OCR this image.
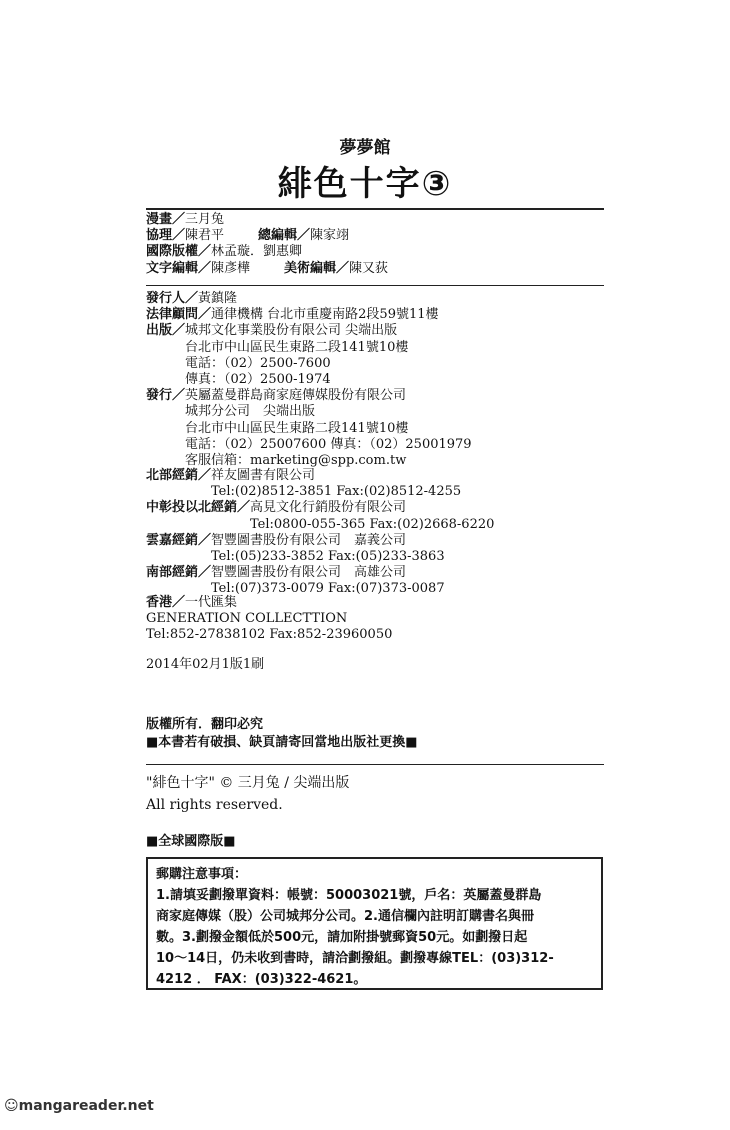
夢夢館
緋色十字③
漫畫／三月兔
協理／陳君平	總編輯／陳家翊
國際版權／林孟璇．劉惠卿
文字編輯／陳彥樺	美術編輯／陳又荻
發行人／黃鎮隆
法律顧問／通律機構 台北市重慶南路2段59號11樓
出版／城邦文化事業股份有限公司 尖端出版
台北市中山區民生東路二段141號10樓
電話：（02）2500-7600
傳真：（02）2500-1974
發行／英屬蓋曼群島商家庭傳媒股份有限公司
城邦分公司　尖端出版
台北市中山區民生東路二段141號10樓
電話：（02）25007600 傳真：（02）25001979
客服信箱：marketing@spp.com.tw
北部經銷／祥友圖書有限公司
Tel:(02)8512-3851 Fax:(02)8512-4255
中彰投以北經銷／高見文化行銷股份有限公司
Tel:0800-055-365 Fax:(02)2668-6220
雲嘉經銷／智豐圖書股份有限公司　嘉義公司
Tel:(05)233-3852 Fax:(05)233-3863
南部經銷／智豐圖書股份有限公司　高雄公司
Tel:(07)373-0079 Fax:(07)373-0087
香港／一代匯集
GENERATION COLLECTTION
Tel:852-27838102 Fax:852-23960050
2014年02月1版1刷
版權所有．翻印必究
■本書若有破損、缺頁請寄回當地出版社更換■
"緋色十字" © 三月兔 / 尖端出版
All rights reserved.
■全球國際版■
郵購注意事項：
1.請填妥劃撥單資料：帳號：50003021號，戶名：英屬蓋曼群島
商家庭傳媒（股）公司城邦分公司。2.通信欄內註明訂購書名與冊
數。3.劃撥金額低於500元，請加附掛號郵資50元。如劃撥日起
10～14日，仍未收到書時，請洽劃撥組。劃撥專線TEL：(03)312-
4212 ． FAX：(03)322-4621。
☺mangareader.net
